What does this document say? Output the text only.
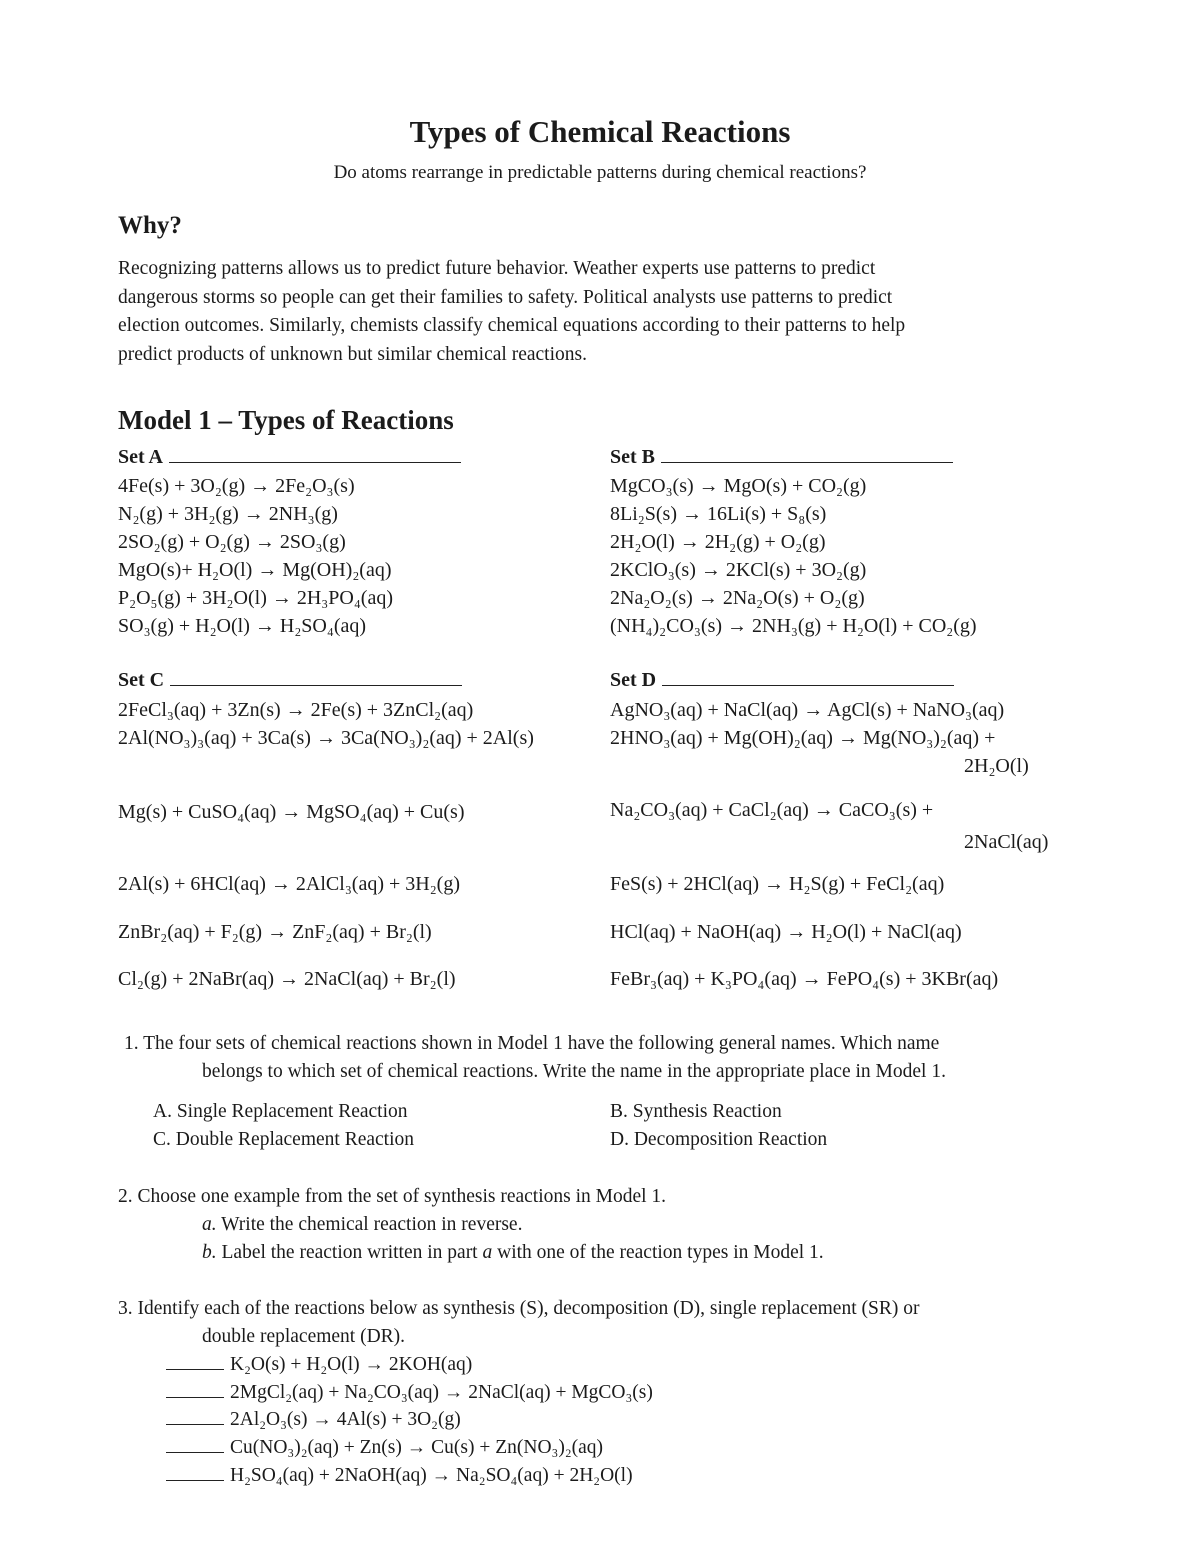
Types of Chemical Reactions
Do atoms rearrange in predictable patterns during chemical reactions?
Why?
Recognizing patterns allows us to predict future behavior. Weather experts use patterns to predict
dangerous storms so people can get their families to safety. Political analysts use patterns to predict
election outcomes. Similarly, chemists classify chemical equations according to their patterns to help
predict products of unknown but similar chemical reactions.
Model 1 – Types of Reactions
Set A
4Fe(s) + 3O₂(g) → 2Fe₂O₃(s)
N₂(g) + 3H₂(g) → 2NH₃(g)
2SO₂(g) + O₂(g) → 2SO₃(g)
MgO(s)+ H₂O(l) → Mg(OH)₂(aq)
P₂O₅(g) + 3H₂O(l) → 2H₃PO₄(aq)
SO₃(g) + H₂O(l) → H₂SO₄(aq)
Set B
MgCO₃(s) → MgO(s) + CO₂(g)
8Li₂S(s) → 16Li(s) + S₈(s)
2H₂O(l) → 2H₂(g) + O₂(g)
2KClO₃(s) → 2KCl(s) + 3O₂(g)
2Na₂O₂(s) → 2Na₂O(s) + O₂(g)
(NH₄)₂CO₃(s) → 2NH₃(g) + H₂O(l) + CO₂(g)
Set C
2FeCl₃(aq) + 3Zn(s) → 2Fe(s) + 3ZnCl₂(aq)
2Al(NO₃)₃(aq) + 3Ca(s) → 3Ca(NO₃)₂(aq) + 2Al(s)
Mg(s) + CuSO₄(aq) → MgSO₄(aq) + Cu(s)
2Al(s) + 6HCl(aq) → 2AlCl₃(aq) + 3H₂(g)
ZnBr₂(aq) + F₂(g) → ZnF₂(aq) + Br₂(l)
Cl₂(g) + 2NaBr(aq) → 2NaCl(aq) + Br₂(l)
Set D
AgNO₃(aq) + NaCl(aq) → AgCl(s) + NaNO₃(aq)
2HNO₃(aq) + Mg(OH)₂(aq) → Mg(NO₃)₂(aq) +
2H₂O(l)
Na₂CO₃(aq) + CaCl₂(aq) → CaCO₃(s) +
2NaCl(aq)
FeS(s) + 2HCl(aq) → H₂S(g) + FeCl₂(aq)
HCl(aq) + NaOH(aq) → H₂O(l) + NaCl(aq)
FeBr₃(aq) + K₃PO₄(aq) → FePO₄(s) + 3KBr(aq)
1. The four sets of chemical reactions shown in Model 1 have the following general names. Which name
belongs to which set of chemical reactions. Write the name in the appropriate place in Model 1.
A. Single Replacement Reaction	B. Synthesis Reaction
C. Double Replacement Reaction	D. Decomposition Reaction
2. Choose one example from the set of synthesis reactions in Model 1.
a. Write the chemical reaction in reverse.
b. Label the reaction written in part a with one of the reaction types in Model 1.
3. Identify each of the reactions below as synthesis (S), decomposition (D), single replacement (SR) or
double replacement (DR).
K₂O(s) + H₂O(l) → 2KOH(aq)
2MgCl₂(aq) + Na₂CO₃(aq) → 2NaCl(aq) + MgCO₃(s)
2Al₂O₃(s) → 4Al(s) + 3O₂(g)
Cu(NO₃)₂(aq) + Zn(s) → Cu(s) + Zn(NO₃)₂(aq)
H₂SO₄(aq) + 2NaOH(aq) → Na₂SO₄(aq) + 2H₂O(l)
